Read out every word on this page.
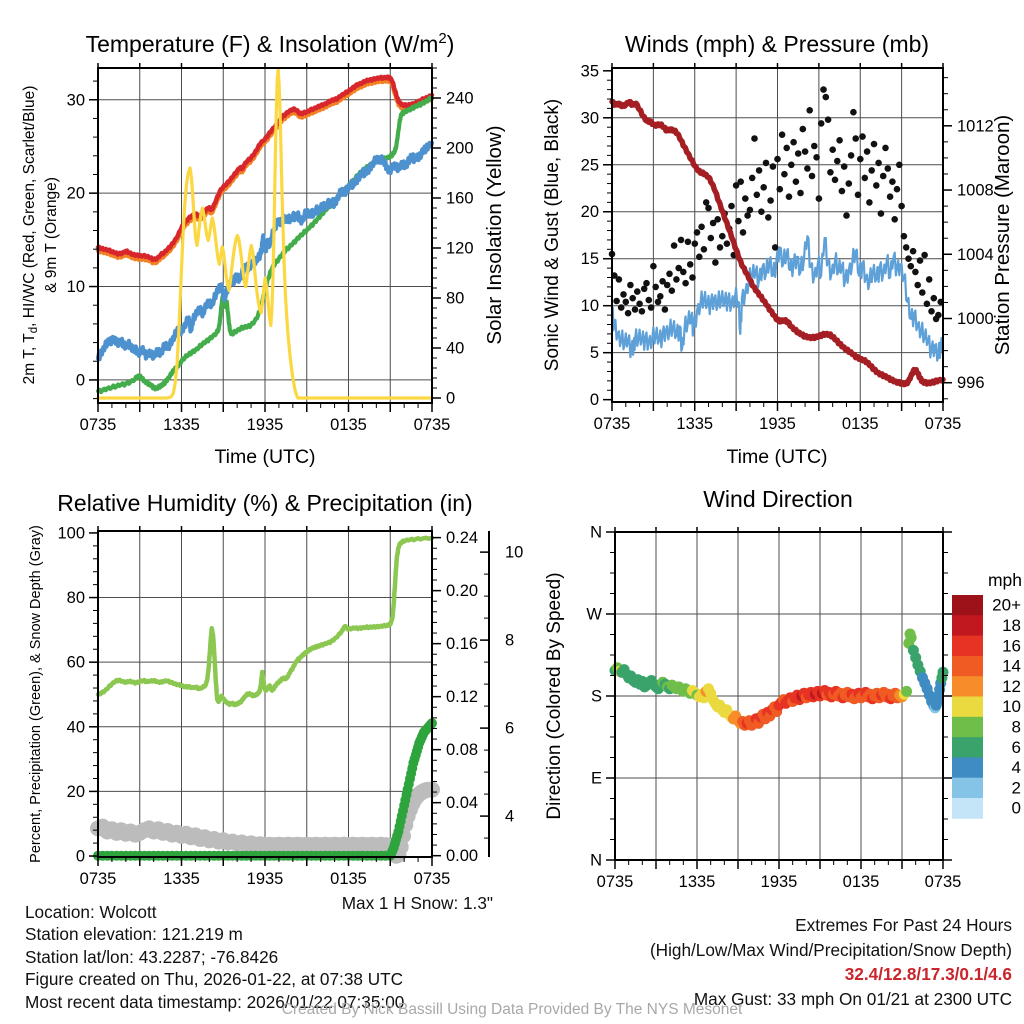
0735	1335	1935	0135	0735
0
10
20
30
0
40
80
120
160
200
240
0735	1335	1935	0135	0735
0
5
10
15
20
25
30
35
996
1000
1004
1008
1012
0735	1335	1935	0135	0735
0
20
40
60
80
100
0.00
0.04
0.08
0.12
0.16
0.20
0.24
4
6
8
10
0735	1335	1935	0135	0735
N
W
S
E
N
mph
20+
18
16
14
12
10
8
6
4
2
0
Temperature (F) & Insolation $(W/m^2)$
Time (UTC)
2m T, Td, HI/WC (Red, Green, Scarlet/Blue) & 9m T (Orange)	Solar Insolation (Yellow)
Winds (mph) & Pressure (mb)
Time (UTC)
Sonic Wind & Gust (Blue, Black)	Station Pressure (Maroon)
Relative Humidity (%) & Precipitation (in)
Percent, Precipitation (Green), & Snow Depth (Gray)
Wind Direction
Direction (Colored By Speed)
Max 1 H Snow: 1.3"
Location: Wolcott
Station elevation: 121.219 m
Station lat/lon: 43.2287; -76.8426
Figure created on Thu, 2026-01-22, at 07:38 UTC
Most recent data timestamp: 2026/01/22 07:35:00
Extremes For Past 24 Hours
(High/Low/Max Wind/Precipitation/Snow Depth)
32.4/12.8/17.3/0.1/4.6
Max Gust: 33 mph On 01/21 at 2300 UTC
Created By Nick Bassill Using Data Provided By The NYS Mesonet
